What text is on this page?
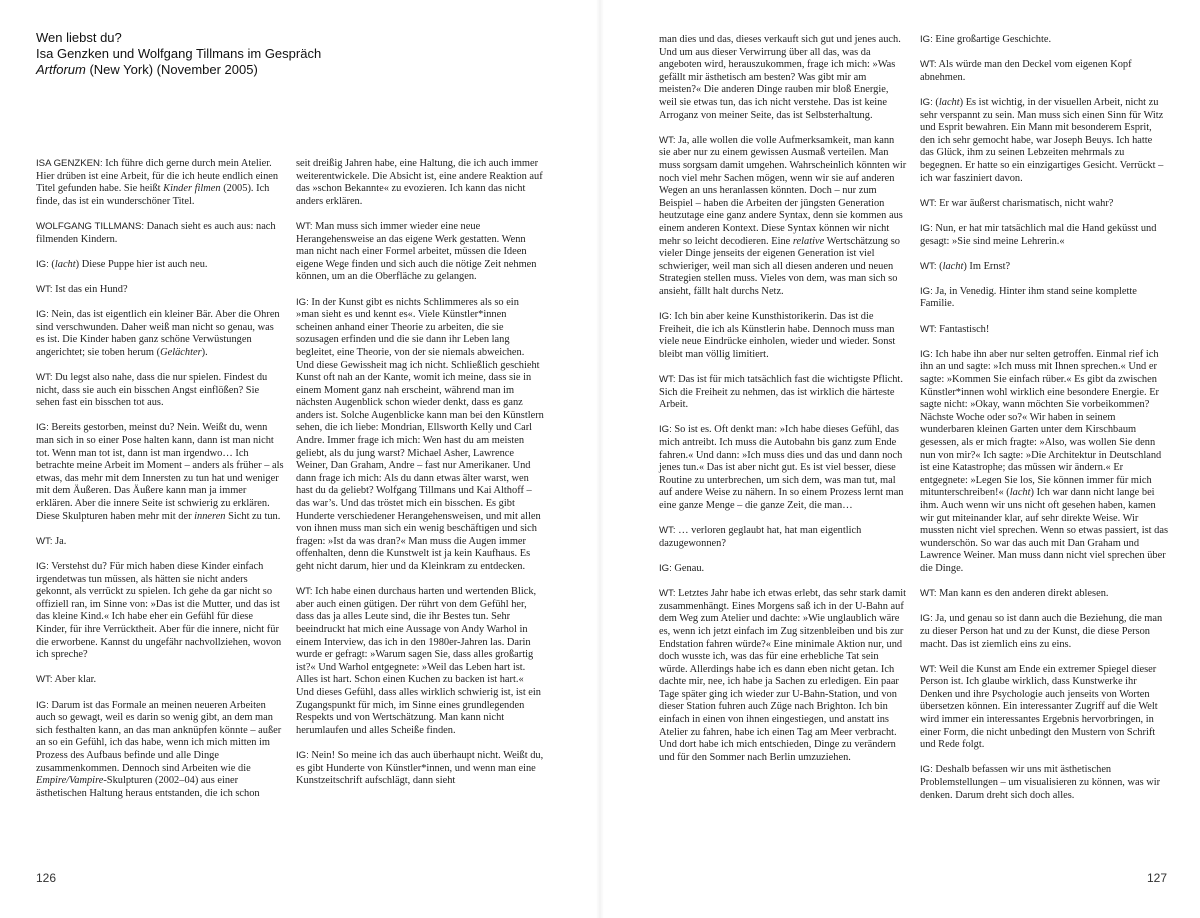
Wen liebst du?
Isa Genzken und Wolfgang Tillmans im Gespräch
Artforum (New York) (November 2005)

ISA GENZKEN: Ich führe dich gerne durch mein Atelier. Hier drüben ist eine Arbeit, für die ich heute endlich einen Titel gefunden habe. Sie heißt Kinder filmen (2005). Ich finde, das ist ein wunderschöner Titel.

WOLFGANG TILLMANS: Danach sieht es auch aus: nach filmenden Kindern.

IG: (lacht) Diese Puppe hier ist auch neu.

WT: Ist das ein Hund?

IG: Nein, das ist eigentlich ein kleiner Bär. Aber die Ohren sind verschwunden. Daher weiß man nicht so genau, was es ist. Die Kinder haben ganz schöne Verwüstungen angerichtet; sie toben herum (Gelächter).

WT: Du legst also nahe, dass die nur spielen. Findest du nicht, dass sie auch ein bisschen Angst einflößen? Sie sehen fast ein bisschen tot aus.

IG: Bereits gestorben, meinst du? Nein. Weißt du, wenn man sich in so einer Pose halten kann, dann ist man nicht tot. Wenn man tot ist, dann ist man irgendwo… Ich betrachte meine Arbeit im Moment – anders als früher – als etwas, das mehr mit dem Innersten zu tun hat und weniger mit dem Äußeren. Das Äußere kann man ja immer erklären. Aber die innere Seite ist schwierig zu erklären. Diese Skulpturen haben mehr mit der inneren Sicht zu tun.

WT: Ja.

IG: Verstehst du? Für mich haben diese Kinder einfach irgendetwas tun müssen, als hätten sie nicht anders gekonnt, als verrückt zu spielen. Ich gehe da gar nicht so offiziell ran, im Sinne von: »Das ist die Mutter, und das ist das kleine Kind.« Ich habe eher ein Gefühl für diese Kinder, für ihre Verrücktheit. Aber für die innere, nicht für die erworbene. Kannst du ungefähr nachvollziehen, wovon ich spreche?

WT: Aber klar.

IG: Darum ist das Formale an meinen neueren Arbeiten auch so gewagt, weil es darin so wenig gibt, an dem man sich festhalten kann, an das man anknüpfen könnte – außer an so ein Gefühl, ich das habe, wenn ich mich mitten im Prozess des Aufbaus befinde und alle Dinge zusammenkommen. Dennoch sind Arbeiten wie die Empire/Vampire-Skulpturen (2002–04) aus einer ästhetischen Haltung heraus entstanden, die ich schon

seit dreißig Jahren habe, eine Haltung, die ich auch immer weiterentwickele. Die Absicht ist, eine andere Reaktion auf das »schon Bekannte« zu evozieren. Ich kann das nicht anders erklären.

WT: Man muss sich immer wieder eine neue Herangehensweise an das eigene Werk gestatten. Wenn man nicht nach einer Formel arbeitet, müssen die Ideen eigene Wege finden und sich auch die nötige Zeit nehmen können, um an die Oberfläche zu gelangen.

IG: In der Kunst gibt es nichts Schlimmeres als so ein »man sieht es und kennt es«. Viele Künstler*innen scheinen anhand einer Theorie zu arbeiten, die sie sozusagen erfinden und die sie dann ihr Leben lang begleitet, eine Theorie, von der sie niemals abweichen. Und diese Gewissheit mag ich nicht. Schließlich geschieht Kunst oft nah an der Kante, womit ich meine, dass sie in einem Moment ganz nah erscheint, während man im nächsten Augenblick schon wieder denkt, dass es ganz anders ist. Solche Augenblicke kann man bei den Künstlern sehen, die ich liebe: Mondrian, Ellsworth Kelly und Carl Andre. Immer frage ich mich: Wen hast du am meisten geliebt, als du jung warst? Michael Asher, Lawrence Weiner, Dan Graham, Andre – fast nur Amerikaner. Und dann frage ich mich: Als du dann etwas älter warst, wen hast du da geliebt? Wolfgang Tillmans und Kai Althoff – das war’s. Und das tröstet mich ein bisschen. Es gibt Hunderte verschiedener Herangehensweisen, und mit allen von ihnen muss man sich ein wenig beschäftigen und sich fragen: »Ist da was dran?« Man muss die Augen immer offenhalten, denn die Kunstwelt ist ja kein Kaufhaus. Es geht nicht darum, hier und da Kleinkram zu entdecken.

WT: Ich habe einen durchaus harten und wertenden Blick, aber auch einen gütigen. Der rührt von dem Gefühl her, dass das ja alles Leute sind, die ihr Bestes tun. Sehr beeindruckt hat mich eine Aussage von Andy Warhol in einem Interview, das ich in den 1980er-Jahren las. Darin wurde er gefragt: »Warum sagen Sie, dass alles großartig ist?« Und Warhol entgegnete: »Weil das Leben hart ist. Alles ist hart. Schon einen Kuchen zu backen ist hart.« Und dieses Gefühl, dass alles wirklich schwierig ist, ist ein Zugangspunkt für mich, im Sinne eines grundlegenden Respekts und von Wertschätzung. Man kann nicht herumlaufen und alles Scheiße finden.

IG: Nein! So meine ich das auch überhaupt nicht. Weißt du, es gibt Hunderte von Künstler*innen, und wenn man eine Kunstzeitschrift aufschlägt, dann sieht

man dies und das, dieses verkauft sich gut und jenes auch. Und um aus dieser Verwirrung über all das, was da angeboten wird, herauszukommen, frage ich mich: »Was gefällt mir ästhetisch am besten? Was gibt mir am meisten?« Die anderen Dinge rauben mir bloß Energie, weil sie etwas tun, das ich nicht verstehe. Das ist keine Arroganz von meiner Seite, das ist Selbsterhaltung.

WT: Ja, alle wollen die volle Aufmerksamkeit, man kann sie aber nur zu einem gewissen Ausmaß verteilen. Man muss sorgsam damit umgehen. Wahrscheinlich könnten wir noch viel mehr Sachen mögen, wenn wir sie auf anderen Wegen an uns heranlassen könnten. Doch – nur zum Beispiel – haben die Arbeiten der jüngsten Generation heutzutage eine ganz andere Syntax, denn sie kommen aus einem anderen Kontext. Diese Syntax können wir nicht mehr so leicht decodieren. Eine relative Wertschätzung so vieler Dinge jenseits der eigenen Generation ist viel schwieriger, weil man sich all diesen anderen und neuen Strategien stellen muss. Vieles von dem, was man sich so ansieht, fällt halt durchs Netz.

IG: Ich bin aber keine Kunsthistorikerin. Das ist die Freiheit, die ich als Künstlerin habe. Dennoch muss man viele neue Eindrücke einholen, wieder und wieder. Sonst bleibt man völlig limitiert.

WT: Das ist für mich tatsächlich fast die wichtigste Pflicht. Sich die Freiheit zu nehmen, das ist wirklich die härteste Arbeit.

IG: So ist es. Oft denkt man: »Ich habe dieses Gefühl, das mich antreibt. Ich muss die Autobahn bis ganz zum Ende fahren.« Und dann: »Ich muss dies und das und dann noch jenes tun.« Das ist aber nicht gut. Es ist viel besser, diese Routine zu unterbrechen, um sich dem, was man tut, mal auf andere Weise zu nähern. In so einem Prozess lernt man eine ganze Menge – die ganze Zeit, die man…

WT: … verloren geglaubt hat, hat man eigentlich dazugewonnen?

IG: Genau.

WT: Letztes Jahr habe ich etwas erlebt, das sehr stark damit zusammenhängt. Eines Morgens saß ich in der U-Bahn auf dem Weg zum Atelier und dachte: »Wie unglaublich wäre es, wenn ich jetzt einfach im Zug sitzenbleiben und bis zur Endstation fahren würde?« Eine minimale Aktion nur, und doch wusste ich, was das für eine erhebliche Tat sein würde. Allerdings habe ich es dann eben nicht getan. Ich dachte mir, nee, ich habe ja Sachen zu erledigen. Ein paar Tage später ging ich wieder zur U-Bahn-Station, und von dieser Station fuhren auch Züge nach Brighton. Ich bin einfach in einen von ihnen eingestiegen, und anstatt ins Atelier zu fahren, habe ich einen Tag am Meer verbracht. Und dort habe ich mich entschieden, Dinge zu verändern und für den Sommer nach Berlin umzuziehen.

IG: Eine großartige Geschichte.

WT: Als würde man den Deckel vom eigenen Kopf abnehmen.

IG: (lacht) Es ist wichtig, in der visuellen Arbeit, nicht zu sehr verspannt zu sein. Man muss sich einen Sinn für Witz und Esprit bewahren. Ein Mann mit besonderem Esprit, den ich sehr gemocht habe, war Joseph Beuys. Ich hatte das Glück, ihm zu seinen Lebzeiten mehrmals zu begegnen. Er hatte so ein einzigartiges Gesicht. Verrückt – ich war fasziniert davon.

WT: Er war äußerst charismatisch, nicht wahr?

IG: Nun, er hat mir tatsächlich mal die Hand geküsst und gesagt: »Sie sind meine Lehrerin.«

WT: (lacht) Im Ernst?

IG: Ja, in Venedig. Hinter ihm stand seine komplette Familie.

WT: Fantastisch!

IG: Ich habe ihn aber nur selten getroffen. Einmal rief ich ihn an und sagte: »Ich muss mit Ihnen sprechen.« Und er sagte: »Kommen Sie einfach rüber.« Es gibt da zwischen Künstler*innen wohl wirklich eine besondere Energie. Er sagte nicht: »Okay, wann möchten Sie vorbeikommen? Nächste Woche oder so?« Wir haben in seinem wunderbaren kleinen Garten unter dem Kirschbaum gesessen, als er mich fragte: »Also, was wollen Sie denn nun von mir?« Ich sagte: »Die Architektur in Deutschland ist eine Katastrophe; das müssen wir ändern.« Er entgegnete: »Legen Sie los, Sie können immer für mich mitunterschreiben!« (lacht) Ich war dann nicht lange bei ihm. Auch wenn wir uns nicht oft gesehen haben, kamen wir gut miteinander klar, auf sehr direkte Weise. Wir mussten nicht viel sprechen. Wenn so etwas passiert, ist das wunderschön. So war das auch mit Dan Graham und Lawrence Weiner. Man muss dann nicht viel sprechen über die Dinge.

WT: Man kann es den anderen direkt ablesen.

IG: Ja, und genau so ist dann auch die Beziehung, die man zu dieser Person hat und zu der Kunst, die diese Person macht. Das ist ziemlich eins zu eins.

WT: Weil die Kunst am Ende ein extremer Spiegel dieser Person ist. Ich glaube wirklich, dass Kunstwerke ihr Denken und ihre Psychologie auch jenseits von Worten übersetzen können. Ein interessanter Zugriff auf die Welt wird immer ein interessantes Ergebnis hervorbringen, in einer Form, die nicht unbedingt den Mustern von Schrift und Rede folgt.

IG: Deshalb befassen wir uns mit ästhetischen Problemstellungen – um visualisieren zu können, was wir denken. Darum dreht sich doch alles.

126	127
